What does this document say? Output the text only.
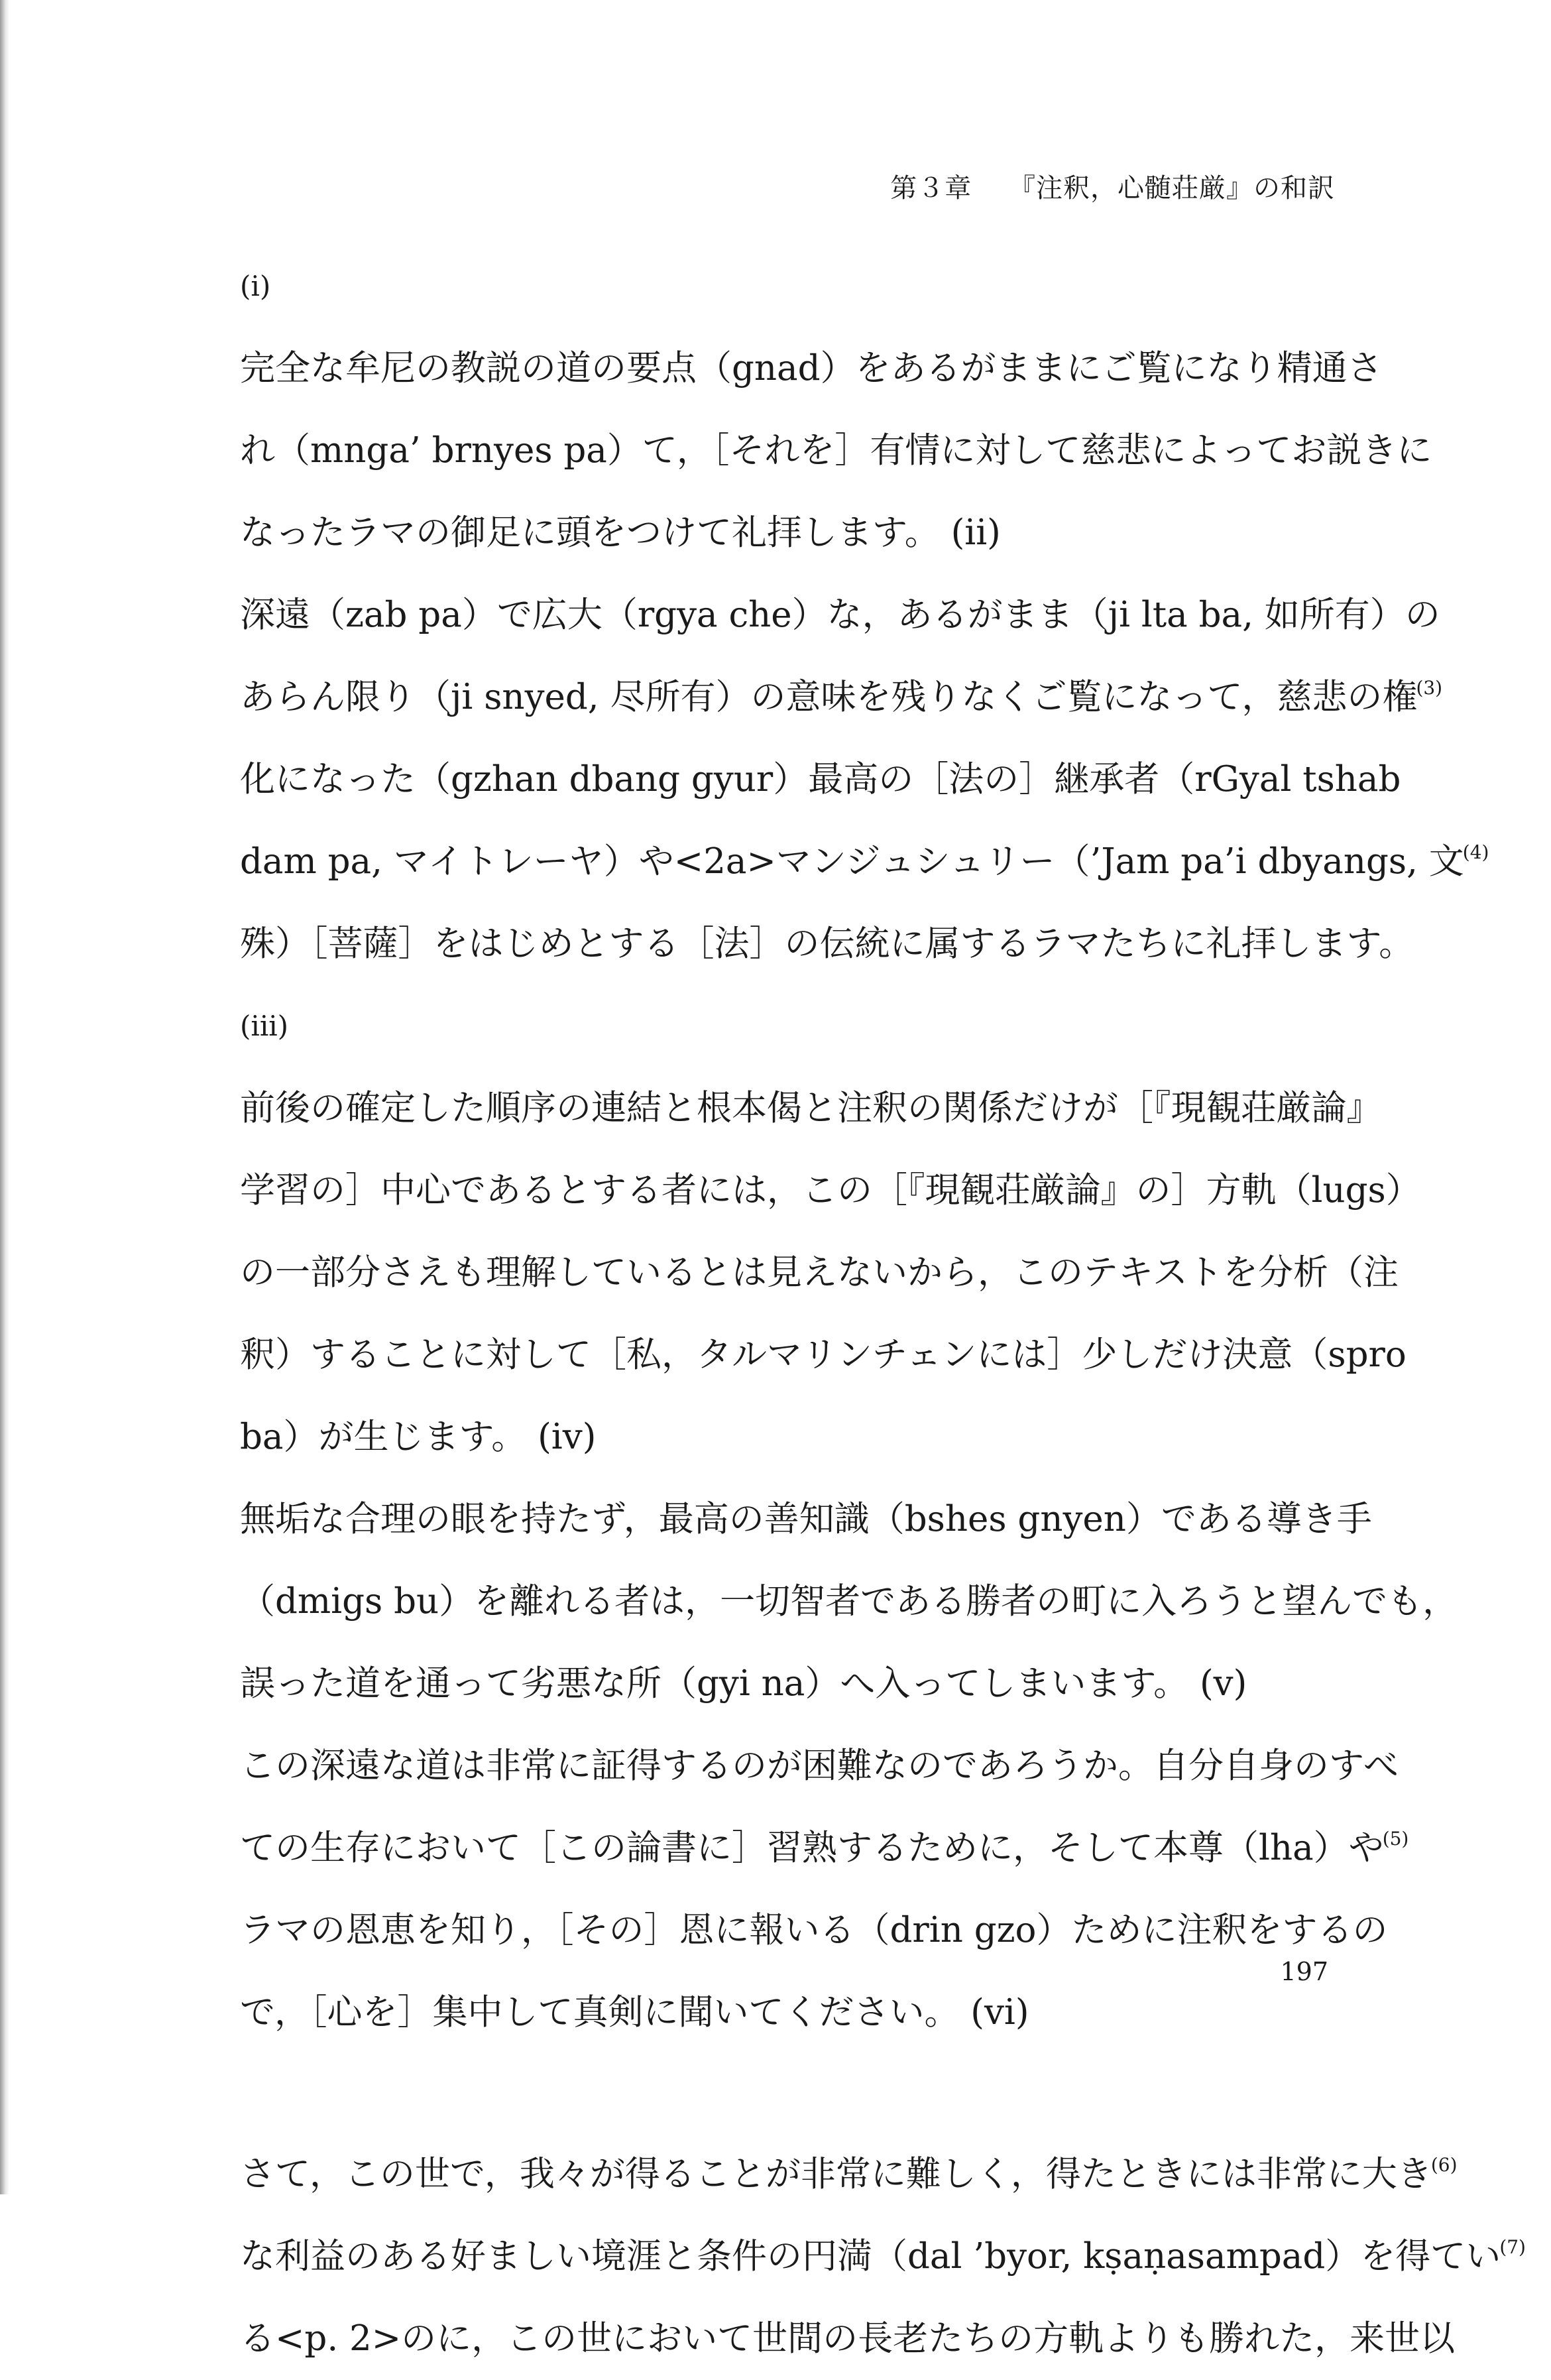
第３章 『注釈，心髄荘厳』の和訳
(i)
完全な牟尼の教説の道の要点（gnad）をあるがままにご覧になり精通さ
れ（mnga’ brnyes pa）て，［それを］有情に対して慈悲によってお説きに
なったラマの御足に頭をつけて礼拝します。 (ii)
深遠（zab pa）で広大（rgya che）な，あるがまま（ji lta ba, 如所有）の
あらん限り（ji snyed, 尽所有）の意味を残りなくご覧になって，慈悲の権$^{(3)}$
化になった（gzhan dbang gyur）最高の［法の］継承者（rGyal tshab
dam pa, マイトレーヤ）や<2a>マンジュシュリー（’Jam pa’i dbyangs, 文$^{(4)}$
殊）［菩薩］をはじめとする［法］の伝統に属するラマたちに礼拝します。
(iii)
前後の確定した順序の連結と根本偈と注釈の関係だけが［『現観荘厳論』
学習の］中心であるとする者には，この［『現観荘厳論』の］方軌（lugs）
の一部分さえも理解しているとは見えないから，このテキストを分析（注
釈）することに対して［私，タルマリンチェンには］少しだけ決意（spro
ba）が生じます。 (iv)
無垢な合理の眼を持たず，最高の善知識（bshes gnyen）である導き手
（dmigs bu）を離れる者は，一切智者である勝者の町に入ろうと望んでも，
誤った道を通って劣悪な所（gyi na）へ入ってしまいます。 (v)
この深遠な道は非常に証得するのが困難なのであろうか。自分自身のすべ
ての生存において［この論書に］習熟するために，そして本尊（lha）や$^{(5)}$
ラマの恩恵を知り，［その］恩に報いる（drin gzo）ために注釈をするの
で，［心を］集中して真剣に聞いてください。 (vi)
さて，この世で，我々が得ることが非常に難しく，得たときには非常に大き$^{(6)}$
な利益のある好ましい境涯と条件の円満（dal ’byor, kṣaṇasampad）を得てい$^{(7)}$
る<p. 2>のに，この世において世間の長老たちの方軌よりも勝れた，来世以
197
